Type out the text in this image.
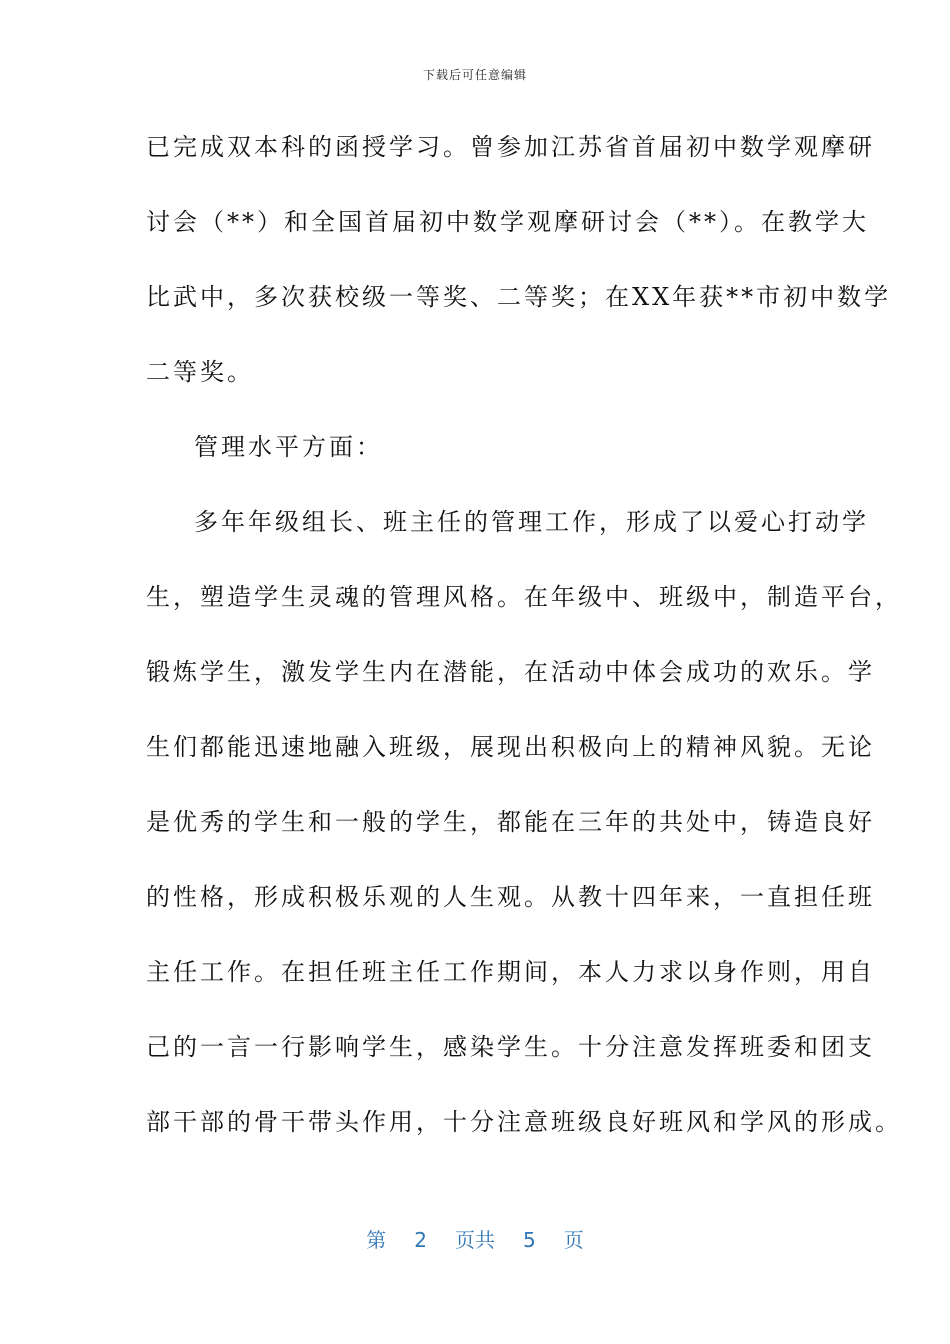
下载后可任意编辑
已完成双本科的函授学习。曾参加江苏省首届初中数学观摩研
讨会（**）和全国首届初中数学观摩研讨会（**）。在教学大
比武中，多次获校级一等奖、二等奖；在XX年获**市初中数学
二等奖。
管理水平方面：
多年年级组长、班主任的管理工作，形成了以爱心打动学
生，塑造学生灵魂的管理风格。在年级中、班级中，制造平台，
锻炼学生，激发学生内在潜能，在活动中体会成功的欢乐。学
生们都能迅速地融入班级，展现出积极向上的精神风貌。无论
是优秀的学生和一般的学生，都能在三年的共处中，铸造良好
的性格，形成积极乐观的人生观。从教十四年来，一直担任班
主任工作。在担任班主任工作期间，本人力求以身作则，用自
己的一言一行影响学生，感染学生。十分注意发挥班委和团支
部干部的骨干带头作用，十分注意班级良好班风和学风的形成。
第 2 页共 5 页
